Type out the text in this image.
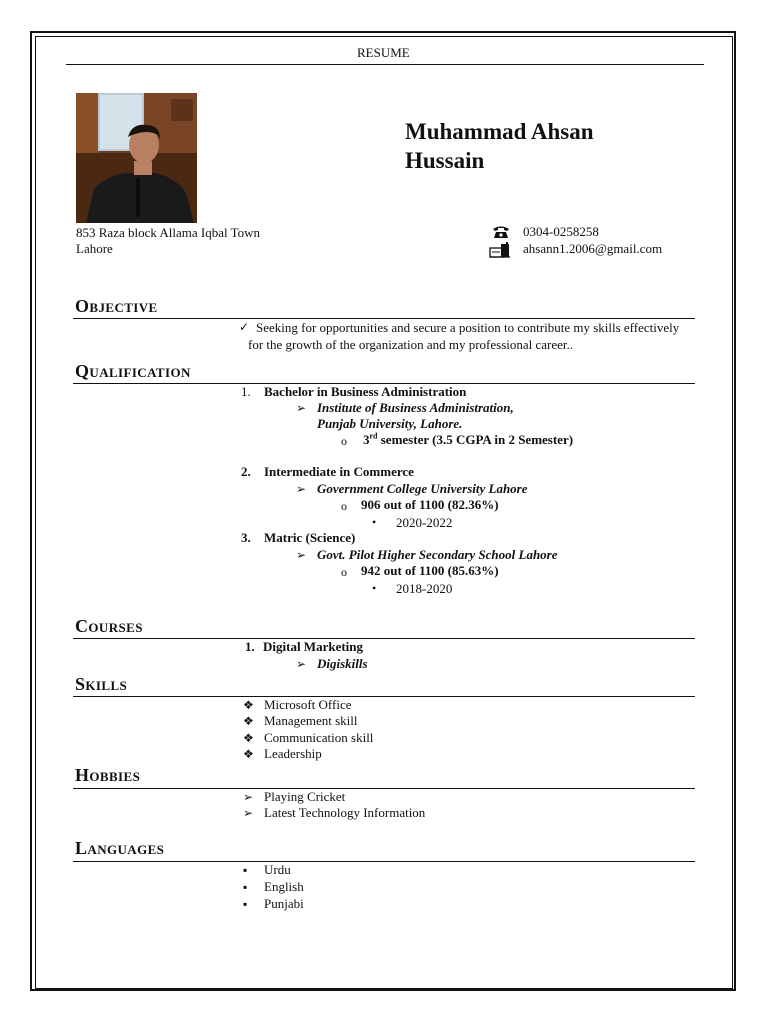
RESUME
Muhammad Ahsan
Hussain
853 Raza block Allama Iqbal Town
Lahore
0304-0258258
ahsann1.2006@gmail.com
Objective
✓ Seeking for opportunities and secure a position to contribute my skills effectively
for the growth of the organization and my professional career..
Qualification
1. Bachelor in Business Administration
➢ Institute of Business Administration,
Punjab University, Lahore.
o 3rd semester (3.5 CGPA in 2 Semester)
2. Intermediate in Commerce
➢ Government College University Lahore
o 906 out of 1100 (82.36%)
• 2020-2022
3. Matric (Science)
➢ Govt. Pilot Higher Secondary School Lahore
o 942 out of 1100 (85.63%)
• 2018-2020
Courses
1. Digital Marketing
➢ Digiskills
Skills
❖ Microsoft Office
❖ Management skill
❖ Communication skill
❖ Leadership
Hobbies
➢ Playing Cricket
➢ Latest Technology Information
Languages
▪ Urdu
▪ English
▪ Punjabi
